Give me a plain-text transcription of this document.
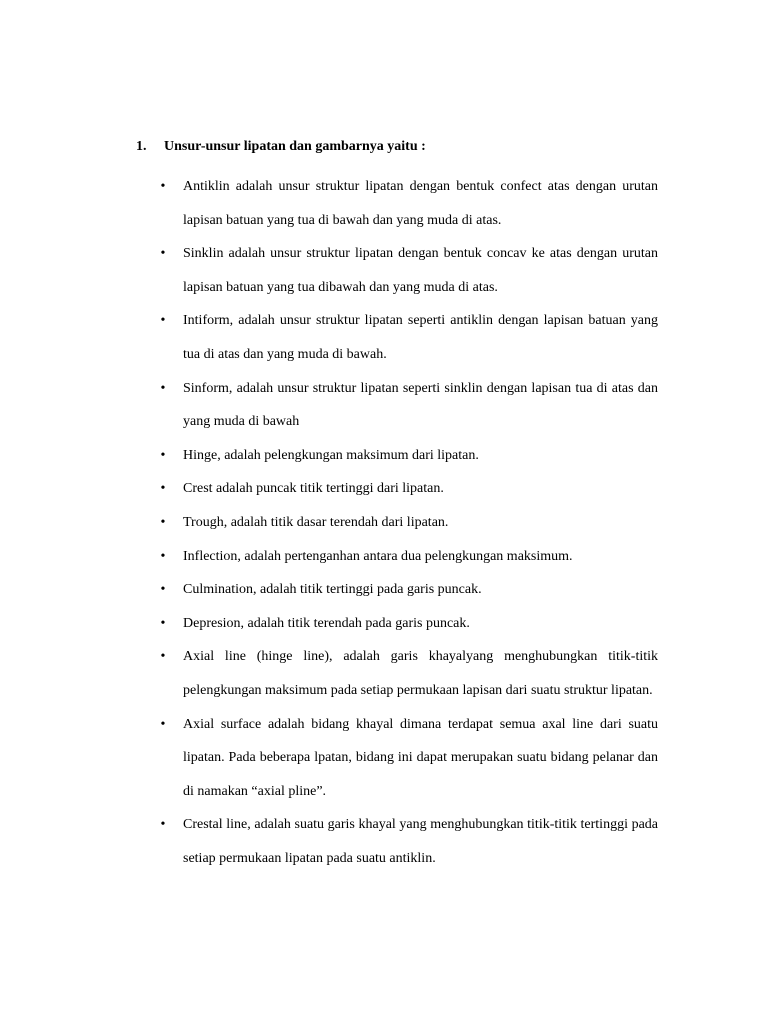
1.	Unsur-unsur lipatan dan gambarnya yaitu :
• Antiklin adalah unsur struktur lipatan dengan bentuk confect atas dengan urutan lapisan batuan yang tua di bawah dan yang muda di atas.
• Sinklin adalah unsur struktur lipatan dengan bentuk concav ke atas dengan urutan lapisan batuan yang tua dibawah dan yang muda di atas.
• Intiform, adalah unsur struktur lipatan seperti antiklin dengan lapisan batuan yang tua di atas dan yang muda di bawah.
• Sinform, adalah unsur struktur lipatan seperti sinklin dengan lapisan tua di atas dan yang muda di bawah
• Hinge, adalah pelengkungan maksimum dari lipatan.
• Crest adalah puncak titik tertinggi dari lipatan.
• Trough, adalah titik dasar terendah dari lipatan.
• Inflection, adalah pertenganhan antara dua pelengkungan maksimum.
• Culmination, adalah titik tertinggi pada garis puncak.
• Depresion, adalah titik terendah pada garis puncak.
• Axial line (hinge line), adalah garis khayalyang menghubungkan titik-titik pelengkungan maksimum pada setiap permukaan lapisan dari suatu struktur lipatan.
• Axial surface adalah bidang khayal dimana terdapat semua axal line dari suatu lipatan. Pada beberapa lpatan, bidang ini dapat merupakan suatu bidang pelanar dan di namakan “axial pline”.
• Crestal line, adalah suatu garis khayal yang menghubungkan titik-titik tertinggi pada setiap permukaan lipatan pada suatu antiklin.
